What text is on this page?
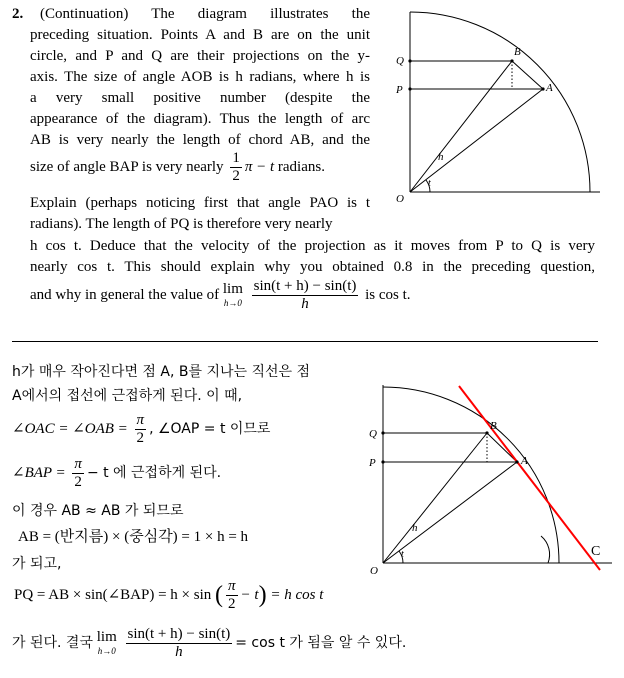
2. (Continuation) The diagram illustrates the
preceding situation. Points A and B are on the unit
circle, and P and Q are their projections on the y-
axis. The size of angle AOB is h radians, where h is
a very small positive number (despite the
appearance of the diagram). Thus the length of arc
AB is very nearly the length of chord AB, and the
size of angle BAP is very nearly $\frac{1}{2}$ π − t radians.
Explain (perhaps noticing first that angle PAO is t
radians). The length of PQ is therefore very nearly
h cos t. Deduce that the velocity of the projection as it moves from P to Q is very
nearly cos t. This should explain why you obtained 0.8 in the preceding question,
and why in general the value of lim
h→0
$\frac{\sin(t + h) - \sin(t)}{h}$ is cos t.
Q
B
P	A
h
t
O
h가 매우 작아진다면 점 A, B를 지나는 직선은 점
A에서의 접선에 근접하게 된다. 이 때,
∠OAC = ∠OAB = $\frac{\pi}{2}$ , ∠OAP = t 이므로
∠BAP = $\frac{\pi}{2} - t$ 에 근접하게 된다.
이 경우 AB ≈ AB 가 되므로
AB = (반지름) × (중심각) = 1 × h = h
가 되고,
PQ = AB × sin(∠BAP) = h × sin ( $\frac{\pi}{2} - t) = h$ cos t
가 된다. 결국 lim
h→0
$\frac{\sin(t + h) - \sin(t)}{h} = \cos t$ 가 됨을 알 수 있다.
Q
B
P	A
h
t
O
C
